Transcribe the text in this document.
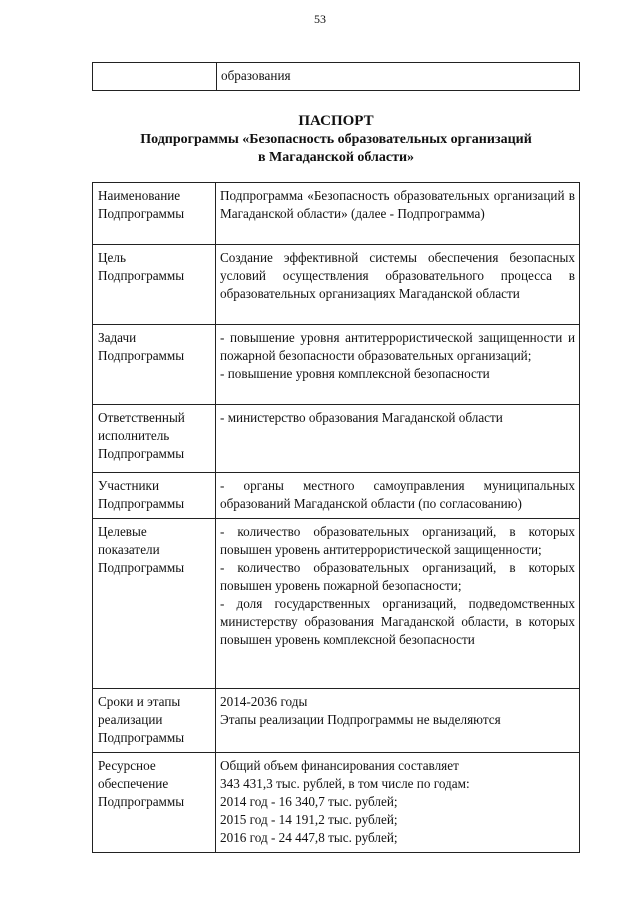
53
	образования
ПАСПОРТ
Подпрограммы «Безопасность образовательных организаций
в Магаданской области»
Наименование Подпрограммы	Подпрограмма «Безопасность образовательных организаций в Магаданской области» (далее - Подпрограмма)

Цель Подпрограммы	Создание эффективной системы обеспечения безопасных условий осуществления образовательного процесса в образовательных организациях Магаданской области

Задачи Подпрограммы	- повышение уровня антитеррористической защищенности и пожарной безопасности образовательных организаций;
- повышение уровня комплексной безопасности

Ответственный исполнитель Подпрограммы	- министерство образования Магаданской области

Участники Подпрограммы	- органы местного самоуправления муниципальных образований Магаданской области (по согласованию)

Целевые показатели Подпрограммы	- количество образовательных организаций, в которых повышен уровень антитеррористической защищенности;
- количество образовательных организаций, в которых повышен уровень пожарной безопасности;
- доля государственных организаций, подведомственных министерству образования Магаданской области, в которых повышен уровень комплексной безопасности

Сроки и этапы реализации Подпрограммы	2014-2036 годы
Этапы реализации Подпрограммы не выделяются

Ресурсное обеспечение Подпрограммы	Общий объем финансирования составляет
343 431,3 тыс. рублей, в том числе по годам:
2014 год - 16 340,7 тыс. рублей;
2015 год - 14 191,2 тыс. рублей;
2016 год - 24 447,8 тыс. рублей;
